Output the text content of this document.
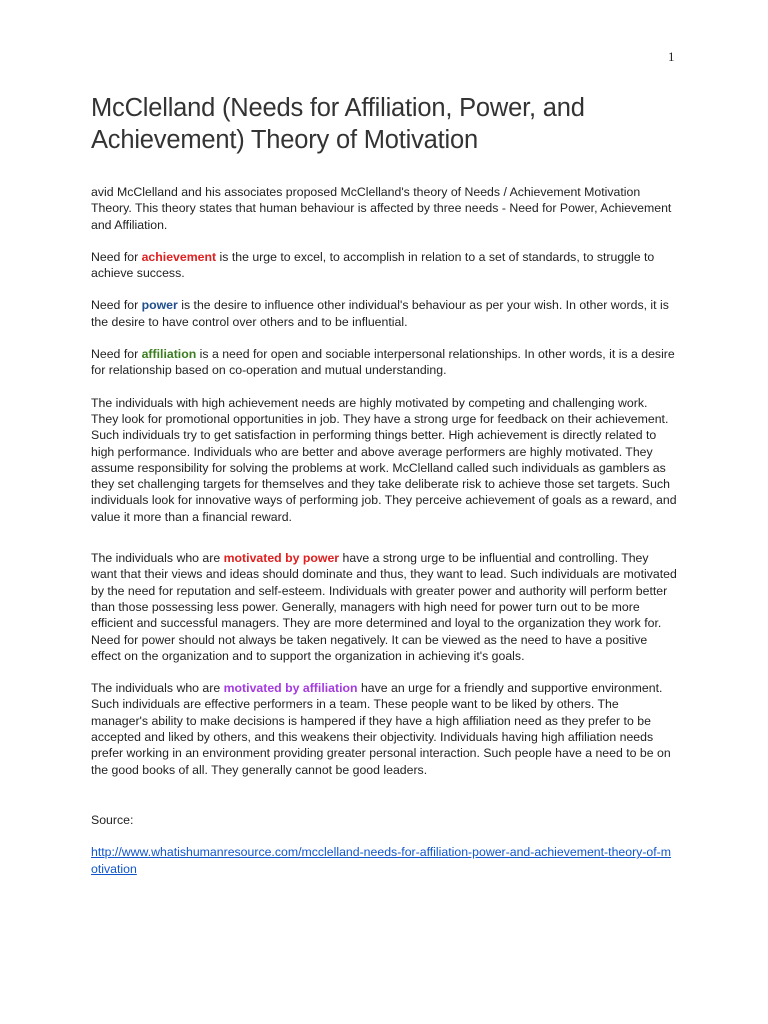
1
McClelland (Needs for Affiliation, Power, and Achievement) Theory of Motivation

avid McClelland and his associates proposed McClelland's theory of Needs / Achievement Motivation Theory. This theory states that human behaviour is affected by three needs - Need for Power, Achievement and Affiliation.

Need for achievement is the urge to excel, to accomplish in relation to a set of standards, to struggle to achieve success.

Need for power is the desire to influence other individual's behaviour as per your wish. In other words, it is the desire to have control over others and to be influential.

Need for affiliation is a need for open and sociable interpersonal relationships. In other words, it is a desire for relationship based on co-operation and mutual understanding.

The individuals with high achievement needs are highly motivated by competing and challenging work. They look for promotional opportunities in job. They have a strong urge for feedback on their achievement. Such individuals try to get satisfaction in performing things better. High achievement is directly related to high performance. Individuals who are better and above average performers are highly motivated. They assume responsibility for solving the problems at work. McClelland called such individuals as gamblers as they set challenging targets for themselves and they take deliberate risk to achieve those set targets. Such individuals look for innovative ways of performing job. They perceive achievement of goals as a reward, and value it more than a financial reward.

The individuals who are motivated by power have a strong urge to be influential and controlling. They want that their views and ideas should dominate and thus, they want to lead. Such individuals are motivated by the need for reputation and self-esteem. Individuals with greater power and authority will perform better than those possessing less power. Generally, managers with high need for power turn out to be more efficient and successful managers. They are more determined and loyal to the organization they work for. Need for power should not always be taken negatively. It can be viewed as the need to have a positive effect on the organization and to support the organization in achieving it's goals.

The individuals who are motivated by affiliation have an urge for a friendly and supportive environment. Such individuals are effective performers in a team. These people want to be liked by others. The manager's ability to make decisions is hampered if they have a high affiliation need as they prefer to be accepted and liked by others, and this weakens their objectivity. Individuals having high affiliation needs prefer working in an environment providing greater personal interaction. Such people have a need to be on the good books of all. They generally cannot be good leaders.

Source:

http://www.whatishumanresource.com/mcclelland-needs-for-affiliation-power-and-achievement-theory-of-motivation
